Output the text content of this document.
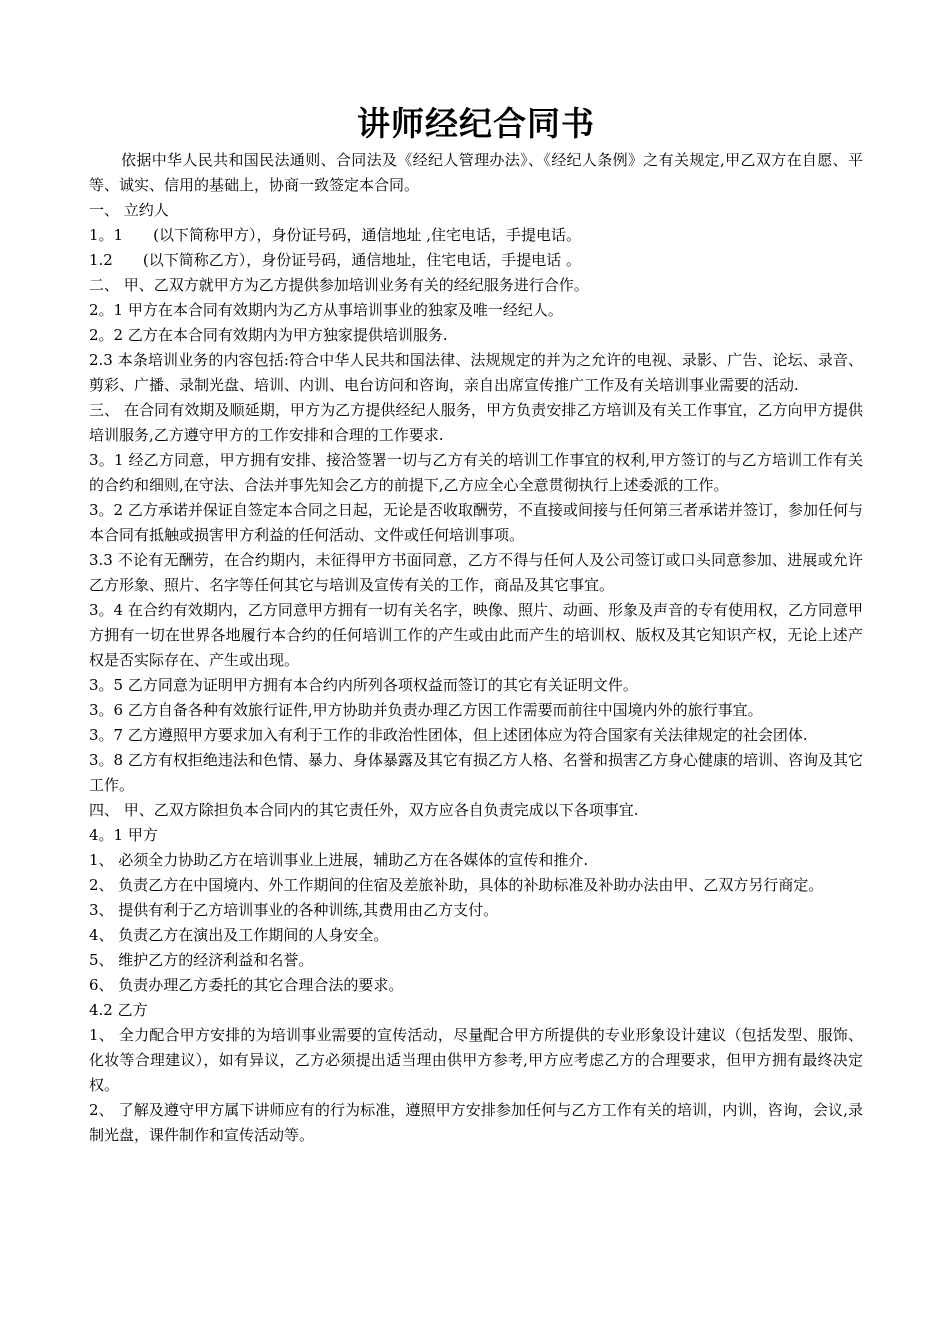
讲师经纪合同书

依据中华人民共和国民法通则、合同法及《经纪人管理办法》、《经纪人条例》之有关规定,甲乙双方在自愿、平等、诚实、信用的基础上，协商一致签定本合同。

一、 立约人

1。1　　(以下简称甲方），身份证号码，通信地址 ,住宅电话，手提电话。

1.2　　(以下简称乙方），身份证号码，通信地址，住宅电话，手提电话 。

二、 甲、乙双方就甲方为乙方提供参加培训业务有关的经纪服务进行合作。

2。1 甲方在本合同有效期内为乙方从事培训事业的独家及唯一经纪人。

2。2 乙方在本合同有效期内为甲方独家提供培训服务.

2.3 本条培训业务的内容包括:符合中华人民共和国法律、法规规定的并为之允许的电视、录影、广告、论坛、录音、剪彩、广播、录制光盘、培训、内训、电台访问和咨询，亲自出席宣传推广工作及有关培训事业需要的活动.

三、 在合同有效期及顺延期，甲方为乙方提供经纪人服务，甲方负责安排乙方培训及有关工作事宜，乙方向甲方提供培训服务,乙方遵守甲方的工作安排和合理的工作要求.

3。1 经乙方同意，甲方拥有安排、接洽签署一切与乙方有关的培训工作事宜的权利,甲方签订的与乙方培训工作有关的合约和细则,在守法、合法并事先知会乙方的前提下,乙方应全心全意贯彻执行上述委派的工作。

3。2 乙方承诺并保证自签定本合同之日起，无论是否收取酬劳，不直接或间接与任何第三者承诺并签订，参加任何与本合同有抵触或损害甲方利益的任何活动、文件或任何培训事项。

3.3 不论有无酬劳，在合约期内，未征得甲方书面同意，乙方不得与任何人及公司签订或口头同意参加、进展或允许乙方形象、照片、名字等任何其它与培训及宣传有关的工作，商品及其它事宜。

3。4 在合约有效期内，乙方同意甲方拥有一切有关名字，映像、照片、动画、形象及声音的专有使用权，乙方同意甲方拥有一切在世界各地履行本合约的任何培训工作的产生或由此而产生的培训权、版权及其它知识产权，无论上述产权是否实际存在、产生或出现。

3。5 乙方同意为证明甲方拥有本合约内所列各项权益而签订的其它有关证明文件。

3。6 乙方自备各种有效旅行证件,甲方协助并负责办理乙方因工作需要而前往中国境内外的旅行事宜。

3。7 乙方遵照甲方要求加入有利于工作的非政治性团体，但上述团体应为符合国家有关法律规定的社会团体.

3。8 乙方有权拒绝违法和色情、暴力、身体暴露及其它有损乙方人格、名誉和损害乙方身心健康的培训、咨询及其它工作。

四、 甲、乙双方除担负本合同内的其它责任外，双方应各自负责完成以下各项事宜.

4。1 甲方

1、 必须全力协助乙方在培训事业上进展，辅助乙方在各媒体的宣传和推介.

2、 负责乙方在中国境内、外工作期间的住宿及差旅补助，具体的补助标准及补助办法由甲、乙双方另行商定。

3、 提供有利于乙方培训事业的各种训练,其费用由乙方支付。

4、 负责乙方在演出及工作期间的人身安全。

5、 维护乙方的经济利益和名誉。

6、 负责办理乙方委托的其它合理合法的要求。

4.2 乙方

1、 全力配合甲方安排的为培训事业需要的宣传活动，尽量配合甲方所提供的专业形象设计建议（包括发型、服饰、化妆等合理建议），如有异议，乙方必须提出适当理由供甲方参考,甲方应考虑乙方的合理要求，但甲方拥有最终决定权。

2、 了解及遵守甲方属下讲师应有的行为标准，遵照甲方安排参加任何与乙方工作有关的培训，内训，咨询，会议,录制光盘，课件制作和宣传活动等。
